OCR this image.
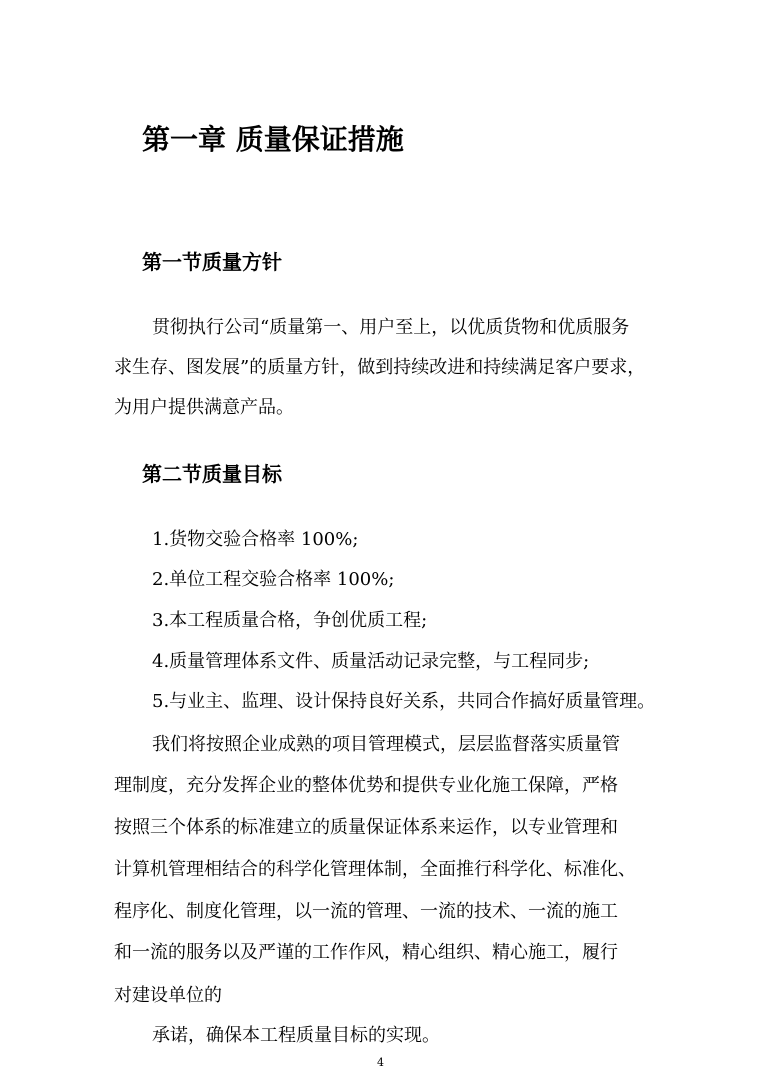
第一章 质量保证措施
第一节质量方针
贯彻执行公司“质量第一、用户至上，以优质货物和优质服务
求生存、图发展”的质量方针，做到持续改进和持续满足客户要求，
为用户提供满意产品。
第二节质量目标
1.货物交验合格率 100%;
2.单位工程交验合格率 100%;
3.本工程质量合格，争创优质工程;
4.质量管理体系文件、质量活动记录完整，与工程同步;
5.与业主、监理、设计保持良好关系，共同合作搞好质量管理。
我们将按照企业成熟的项目管理模式，层层监督落实质量管
理制度，充分发挥企业的整体优势和提供专业化施工保障，严格
按照三个体系的标准建立的质量保证体系来运作，以专业管理和
计算机管理相结合的科学化管理体制，全面推行科学化、标准化、
程序化、制度化管理，以一流的管理、一流的技术、一流的施工
和一流的服务以及严谨的工作作风，精心组织、精心施工，履行
对建设单位的
承诺，确保本工程质量目标的实现。
4
